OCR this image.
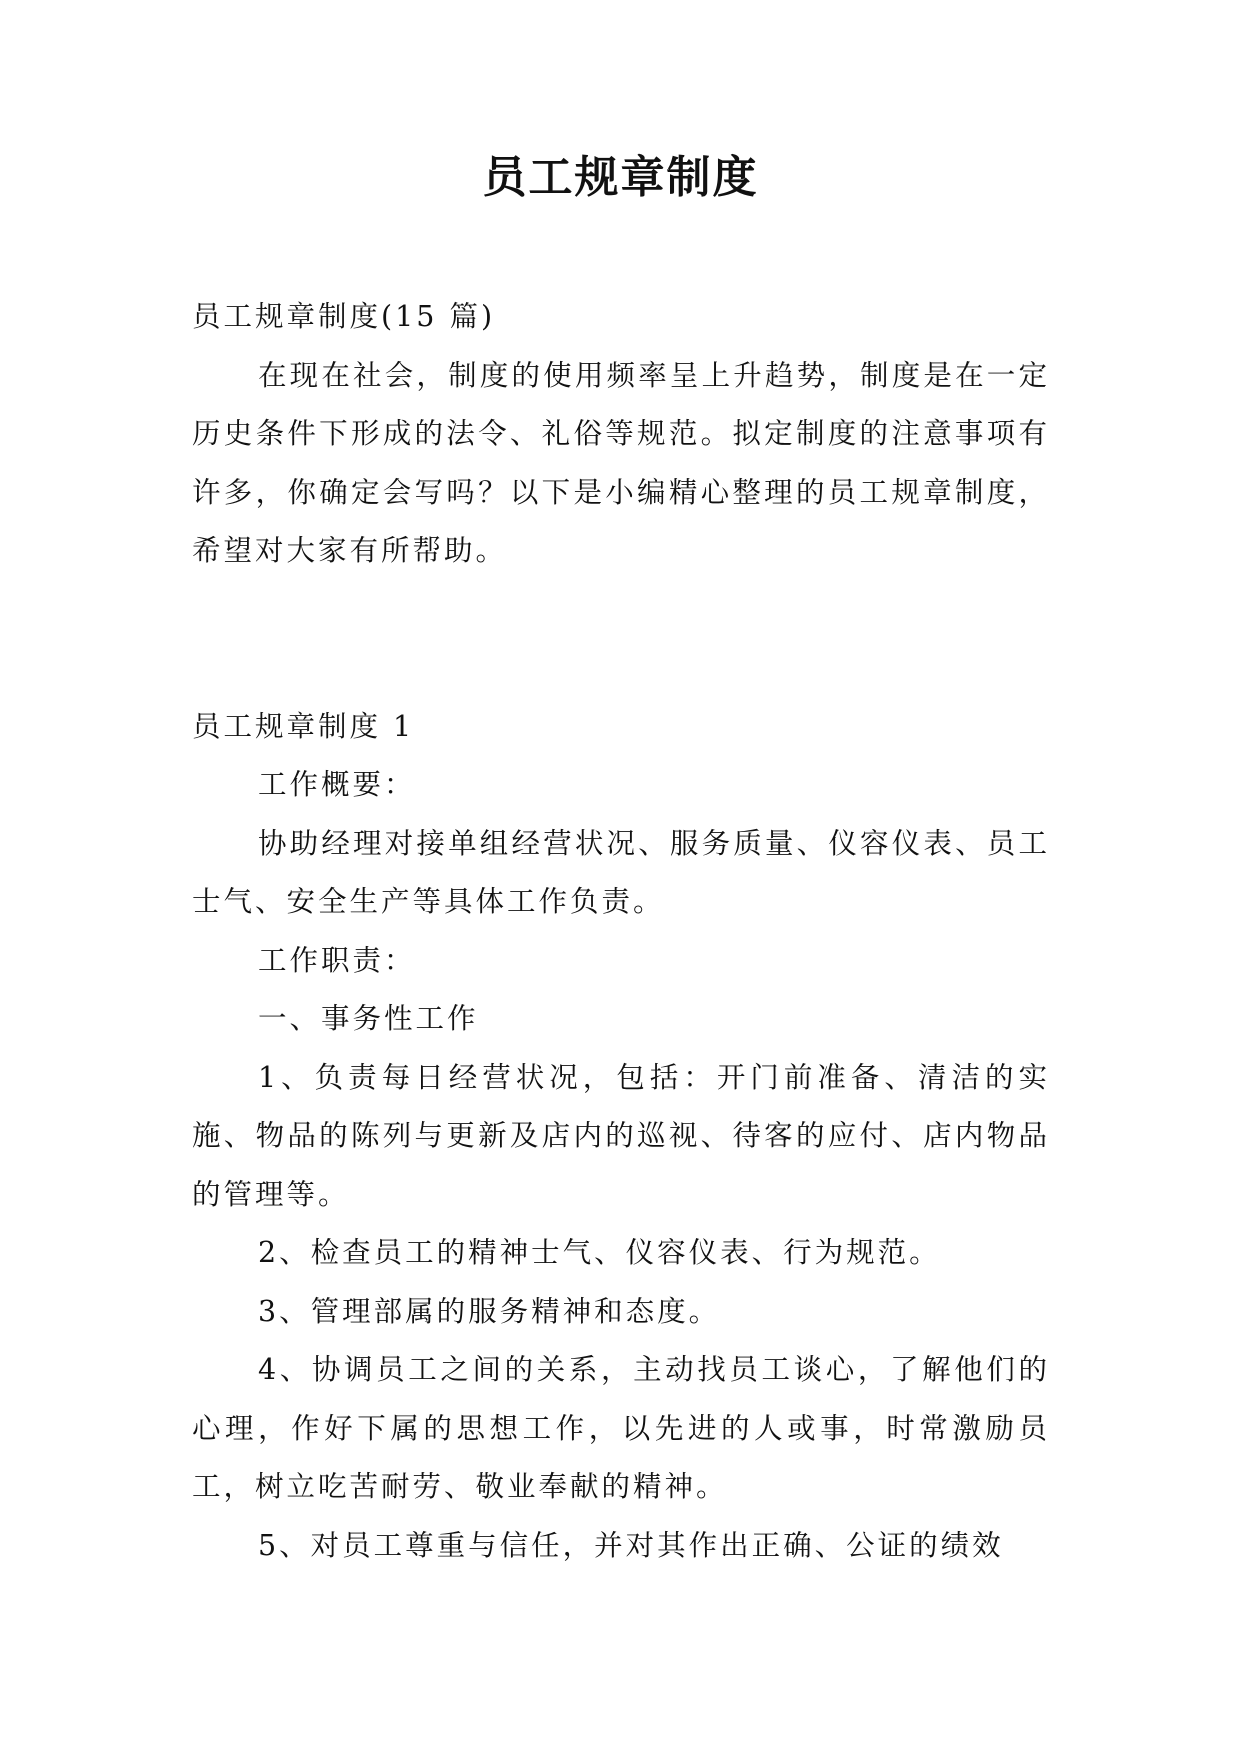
员工规章制度

员工规章制度(15 篇)

在现在社会，制度的使用频率呈上升趋势，制度是在一定历史条件下形成的法令、礼俗等规范。拟定制度的注意事项有许多，你确定会写吗？以下是小编精心整理的员工规章制度，希望对大家有所帮助。

员工规章制度 1

工作概要：

协助经理对接单组经营状况、服务质量、仪容仪表、员工士气、安全生产等具体工作负责。

工作职责：

一、事务性工作

1、负责每日经营状况，包括：开门前准备、清洁的实施、物品的陈列与更新及店内的巡视、待客的应付、店内物品的管理等。

2、检查员工的精神士气、仪容仪表、行为规范。

3、管理部属的服务精神和态度。

4、协调员工之间的关系，主动找员工谈心，了解他们的心理，作好下属的思想工作，以先进的人或事，时常激励员工，树立吃苦耐劳、敬业奉献的精神。

5、对员工尊重与信任，并对其作出正确、公证的绩效
